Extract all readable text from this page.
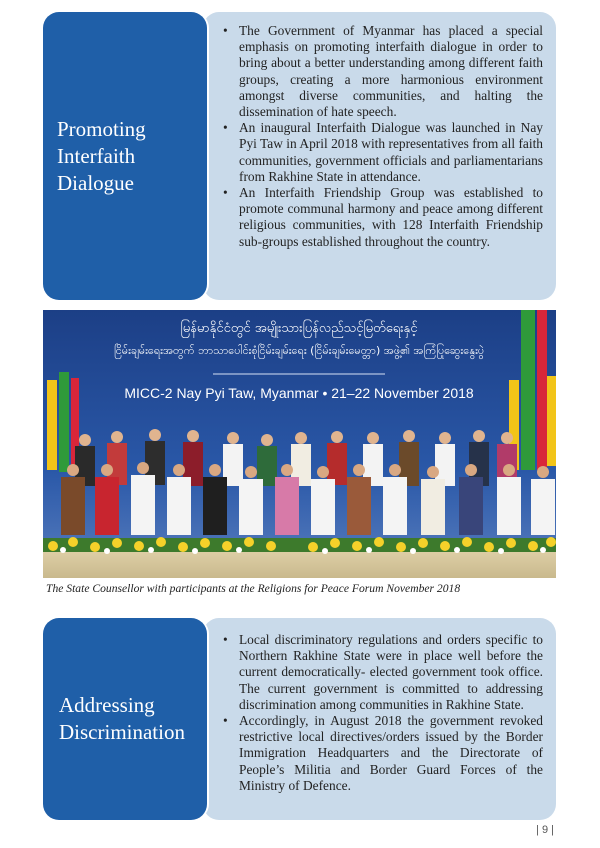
Promoting
Interfaith
Dialogue
• The Government of Myanmar has placed a special emphasis on promoting interfaith dialogue in order to bring about a better understanding among different faith groups, creating a more harmonious environment amongst diverse communities, and halting the dissemination of hate speech.
• An inaugural Interfaith Dialogue was launched in Nay Pyi Taw in April 2018 with representatives from all faith communities, government officials and parliamentarians from Rakhine State in attendance.
• An Interfaith Friendship Group was established to promote communal harmony and peace among different religious communities, with 128 Interfaith Friendship sub-groups established throughout the country.
မြန်မာနိုင်ငံတွင် အမျိုးသားပြန်လည်သင့်မြတ်ရေးနှင့်
ငြိမ်းချမ်းရေးအတွက် ဘာသာပေါင်းစုံငြိမ်းချမ်းရေး (ငြိမ်းချမ်းမေတ္တာ) အဖွဲ့၏ အကြံပြုဆွေးနွေးပွဲ
MICC-2 Nay Pyi Taw, Myanmar • 21–22 November 2018
The State Counsellor with participants at the Religions for Peace Forum November 2018
Addressing
Discrimination
• Local discriminatory regulations and orders specific to Northern Rakhine State were in place well before the current democratically- elected government took office. The current government is committed to addressing discrimination among communities in Rakhine State.
• Accordingly, in August 2018 the government revoked restrictive local directives/orders issued by the Border Immigration Headquarters and the Directorate of People’s Militia and Border Guard Forces of the Ministry of Defence.
| 9 |
